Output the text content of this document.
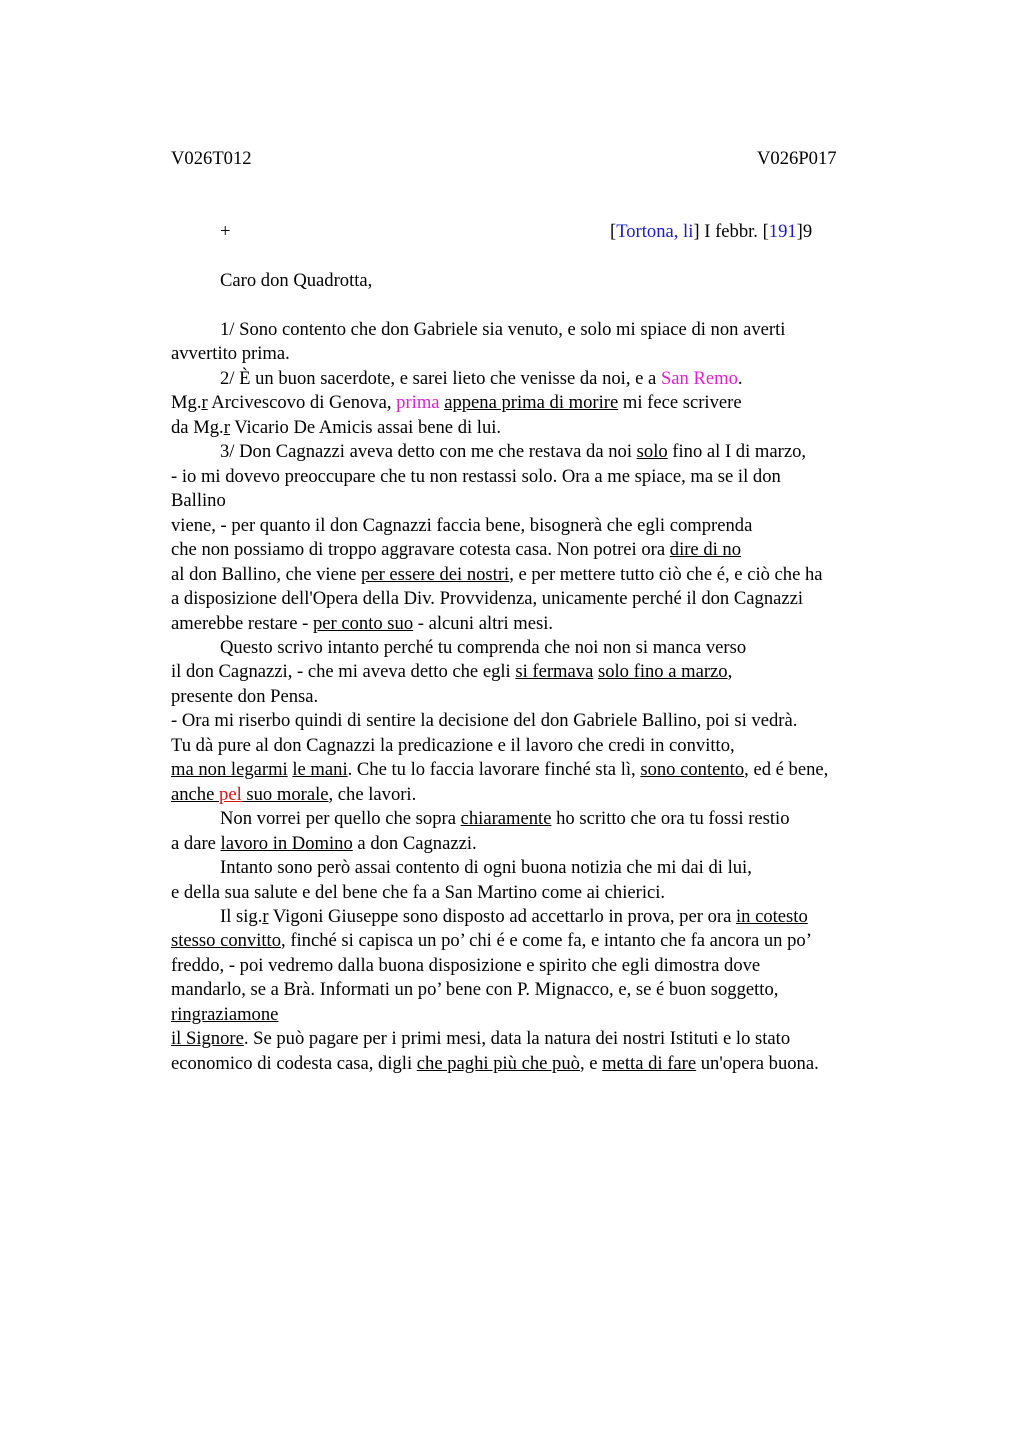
V026T012	V026P017
+	[Tortona, li] I febbr. [191]9
Caro don Quadrotta,
1/ Sono contento che don Gabriele sia venuto, e solo mi spiace di non averti
avvertito prima.
2/ È un buon sacerdote, e sarei lieto che venisse da noi, e a San Remo.
Mg.r Arcivescovo di Genova, prima appena prima di morire mi fece scrivere
da Mg.r Vicario De Amicis assai bene di lui.
3/ Don Cagnazzi aveva detto con me che restava da noi solo fino al I di marzo,
- io mi dovevo preoccupare che tu non restassi solo. Ora a me spiace, ma se il don
Ballino
viene, - per quanto il don Cagnazzi faccia bene, bisognerà che egli comprenda
che non possiamo di troppo aggravare cotesta casa. Non potrei ora dire di no
al don Ballino, che viene per essere dei nostri, e per mettere tutto ciò che é, e ciò che ha
a disposizione dell'Opera della Div. Provvidenza, unicamente perché il don Cagnazzi
amerebbe restare - per conto suo - alcuni altri mesi.
Questo scrivo intanto perché tu comprenda che noi non si manca verso
il don Cagnazzi, - che mi aveva detto che egli si fermava solo fino a marzo,
presente don Pensa.
- Ora mi riserbo quindi di sentire la decisione del don Gabriele Ballino, poi si vedrà.
Tu dà pure al don Cagnazzi la predicazione e il lavoro che credi in convitto,
ma non legarmi le mani. Che tu lo faccia lavorare finché sta lì, sono contento, ed é bene,
anche pel suo morale, che lavori.
Non vorrei per quello che sopra chiaramente ho scritto che ora tu fossi restio
a dare lavoro in Domino a don Cagnazzi.
Intanto sono però assai contento di ogni buona notizia che mi dai di lui,
e della sua salute e del bene che fa a San Martino come ai chierici.
Il sig.r Vigoni Giuseppe sono disposto ad accettarlo in prova, per ora in cotesto
stesso convitto, finché si capisca un po’ chi é e come fa, e intanto che fa ancora un po’
freddo, - poi vedremo dalla buona disposizione e spirito che egli dimostra dove
mandarlo, se a Brà. Informati un po’ bene con P. Mignacco, e, se é buon soggetto,
ringraziamone
il Signore. Se può pagare per i primi mesi, data la natura dei nostri Istituti e lo stato
economico di codesta casa, digli che paghi più che può, e metta di fare un'opera buona.
